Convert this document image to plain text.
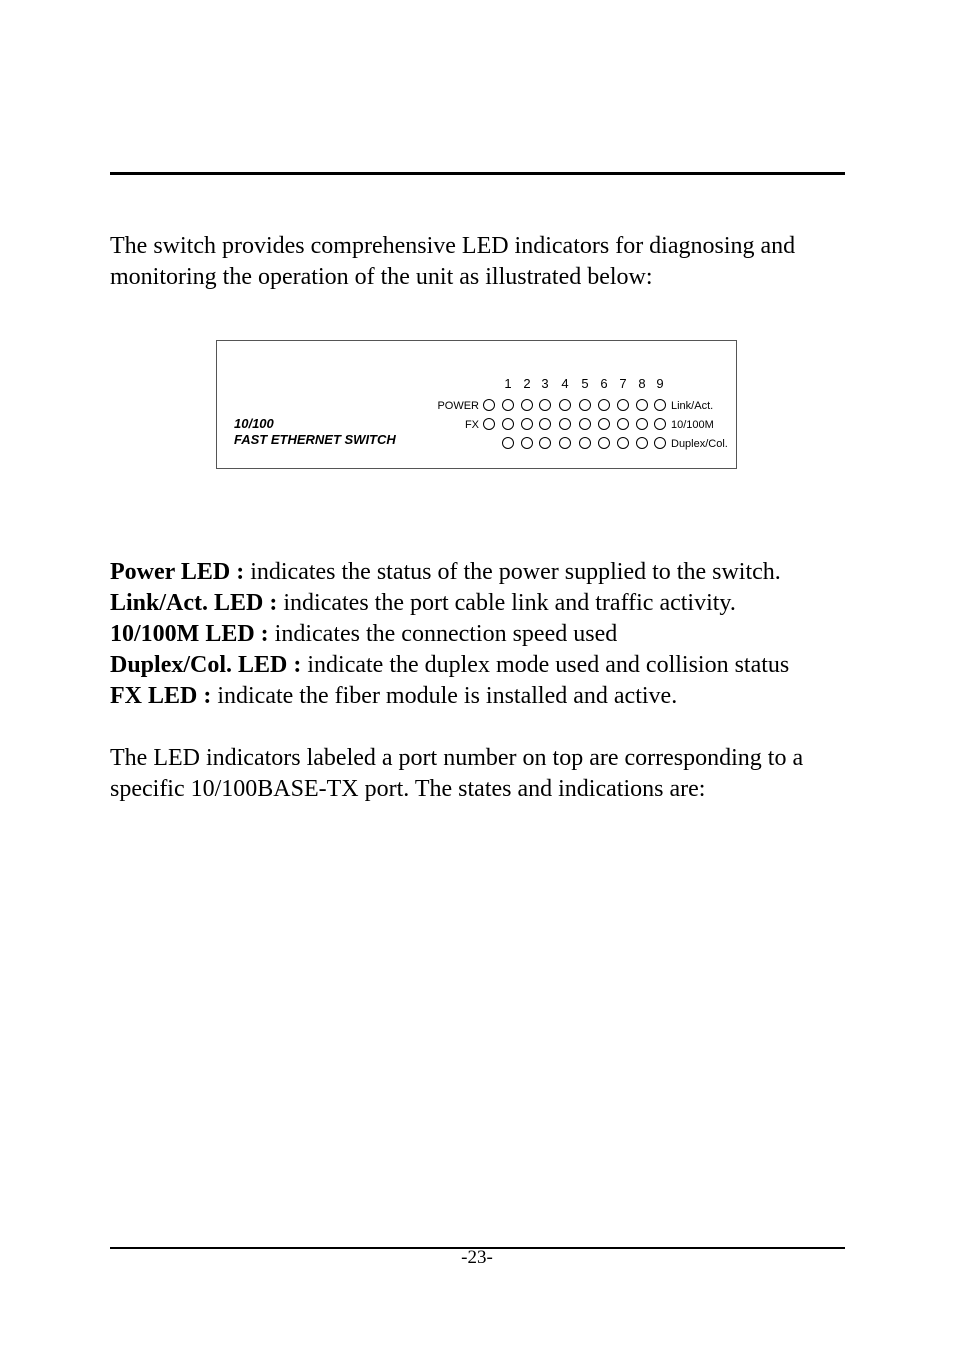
The switch provides comprehensive LED indicators for diagnosing and monitoring the operation of the unit as illustrated below:
10/100
FAST ETHERNET SWITCH
1 2 3 4 5 6 7 8 9
POWER	Link/Act.
FX	10/100M
Duplex/Col.
Power LED : indicates the status of the power supplied to the switch.
Link/Act. LED : indicates the port cable link and traffic activity.
10/100M LED : indicates the connection speed used
Duplex/Col. LED : indicate the duplex mode used and collision status
FX LED : indicate the fiber module is installed and active.
The LED indicators labeled a port number on top are corresponding to a specific 10/100BASE-TX port. The states and indications are:
-23-
